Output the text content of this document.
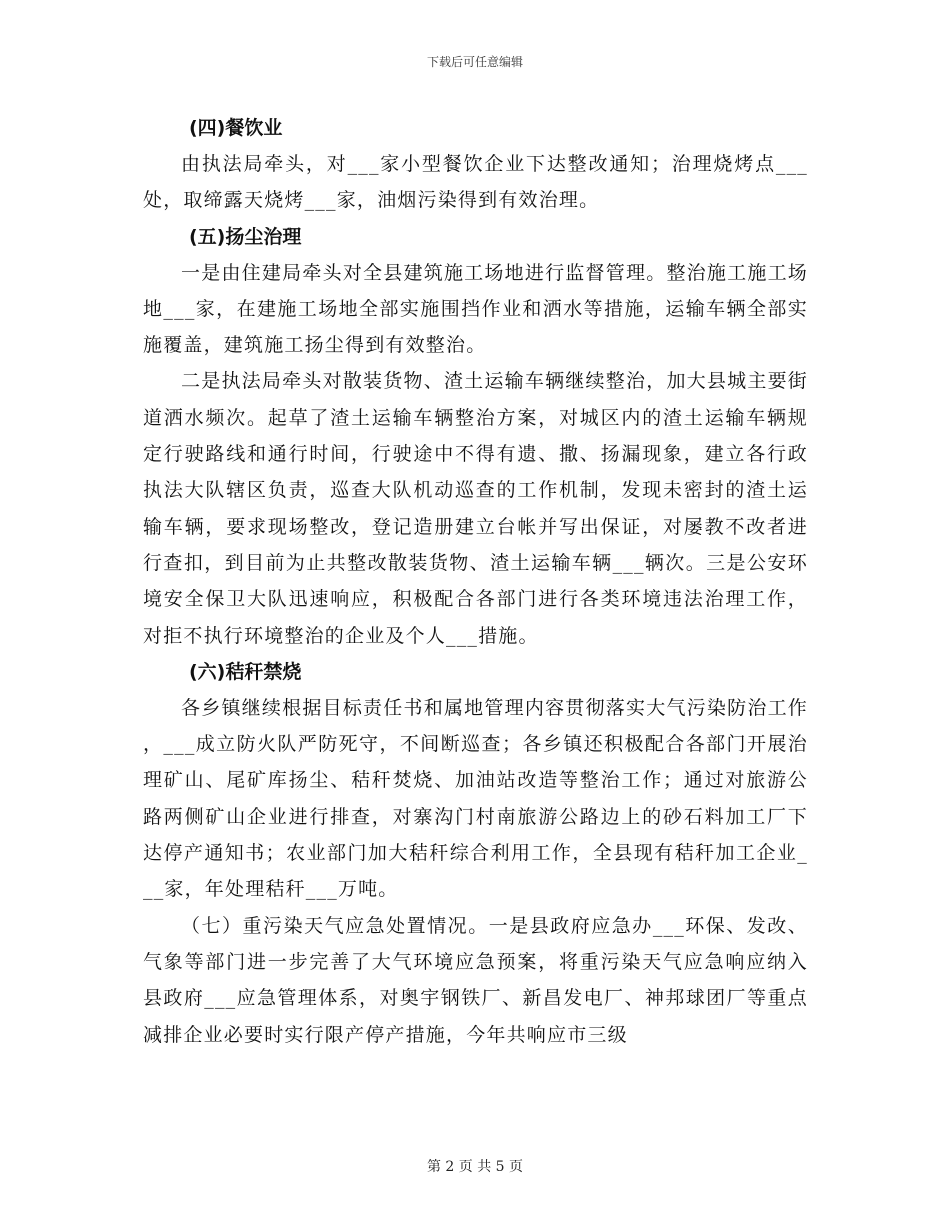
下载后可任意编辑

(四)餐饮业

由执法局牵头，对___家小型餐饮企业下达整改通知；治理烧烤点___处，取缔露天烧烤___家，油烟污染得到有效治理。

(五)扬尘治理

一是由住建局牵头对全县建筑施工场地进行监督管理。整治施工施工场地___家，在建施工场地全部实施围挡作业和洒水等措施，运输车辆全部实施覆盖，建筑施工扬尘得到有效整治。

二是执法局牵头对散装货物、渣土运输车辆继续整治，加大县城主要街道洒水频次。起草了渣土运输车辆整治方案，对城区内的渣土运输车辆规定行驶路线和通行时间，行驶途中不得有遗、撒、扬漏现象，建立各行政执法大队辖区负责，巡查大队机动巡查的工作机制，发现未密封的渣土运输车辆，要求现场整改，登记造册建立台帐并写出保证，对屡教不改者进行查扣，到目前为止共整改散装货物、渣土运输车辆___辆次。三是公安环境安全保卫大队迅速响应，积极配合各部门进行各类环境违法治理工作，对拒不执行环境整治的企业及个人___措施。

(六)秸秆禁烧

各乡镇继续根据目标责任书和属地管理内容贯彻落实大气污染防治工作，___成立防火队严防死守，不间断巡查；各乡镇还积极配合各部门开展治理矿山、尾矿库扬尘、秸秆焚烧、加油站改造等整治工作；通过对旅游公路两侧矿山企业进行排查，对寨沟门村南旅游公路边上的砂石料加工厂下达停产通知书；农业部门加大秸秆综合利用工作，全县现有秸秆加工企业___家，年处理秸秆___万吨。

（七）重污染天气应急处置情况。一是县政府应急办___环保、发改、气象等部门进一步完善了大气环境应急预案，将重污染天气应急响应纳入县政府___应急管理体系，对奥宇钢铁厂、新昌发电厂、神邦球团厂等重点减排企业必要时实行限产停产措施，今年共响应市三级

第 2 页 共 5 页
